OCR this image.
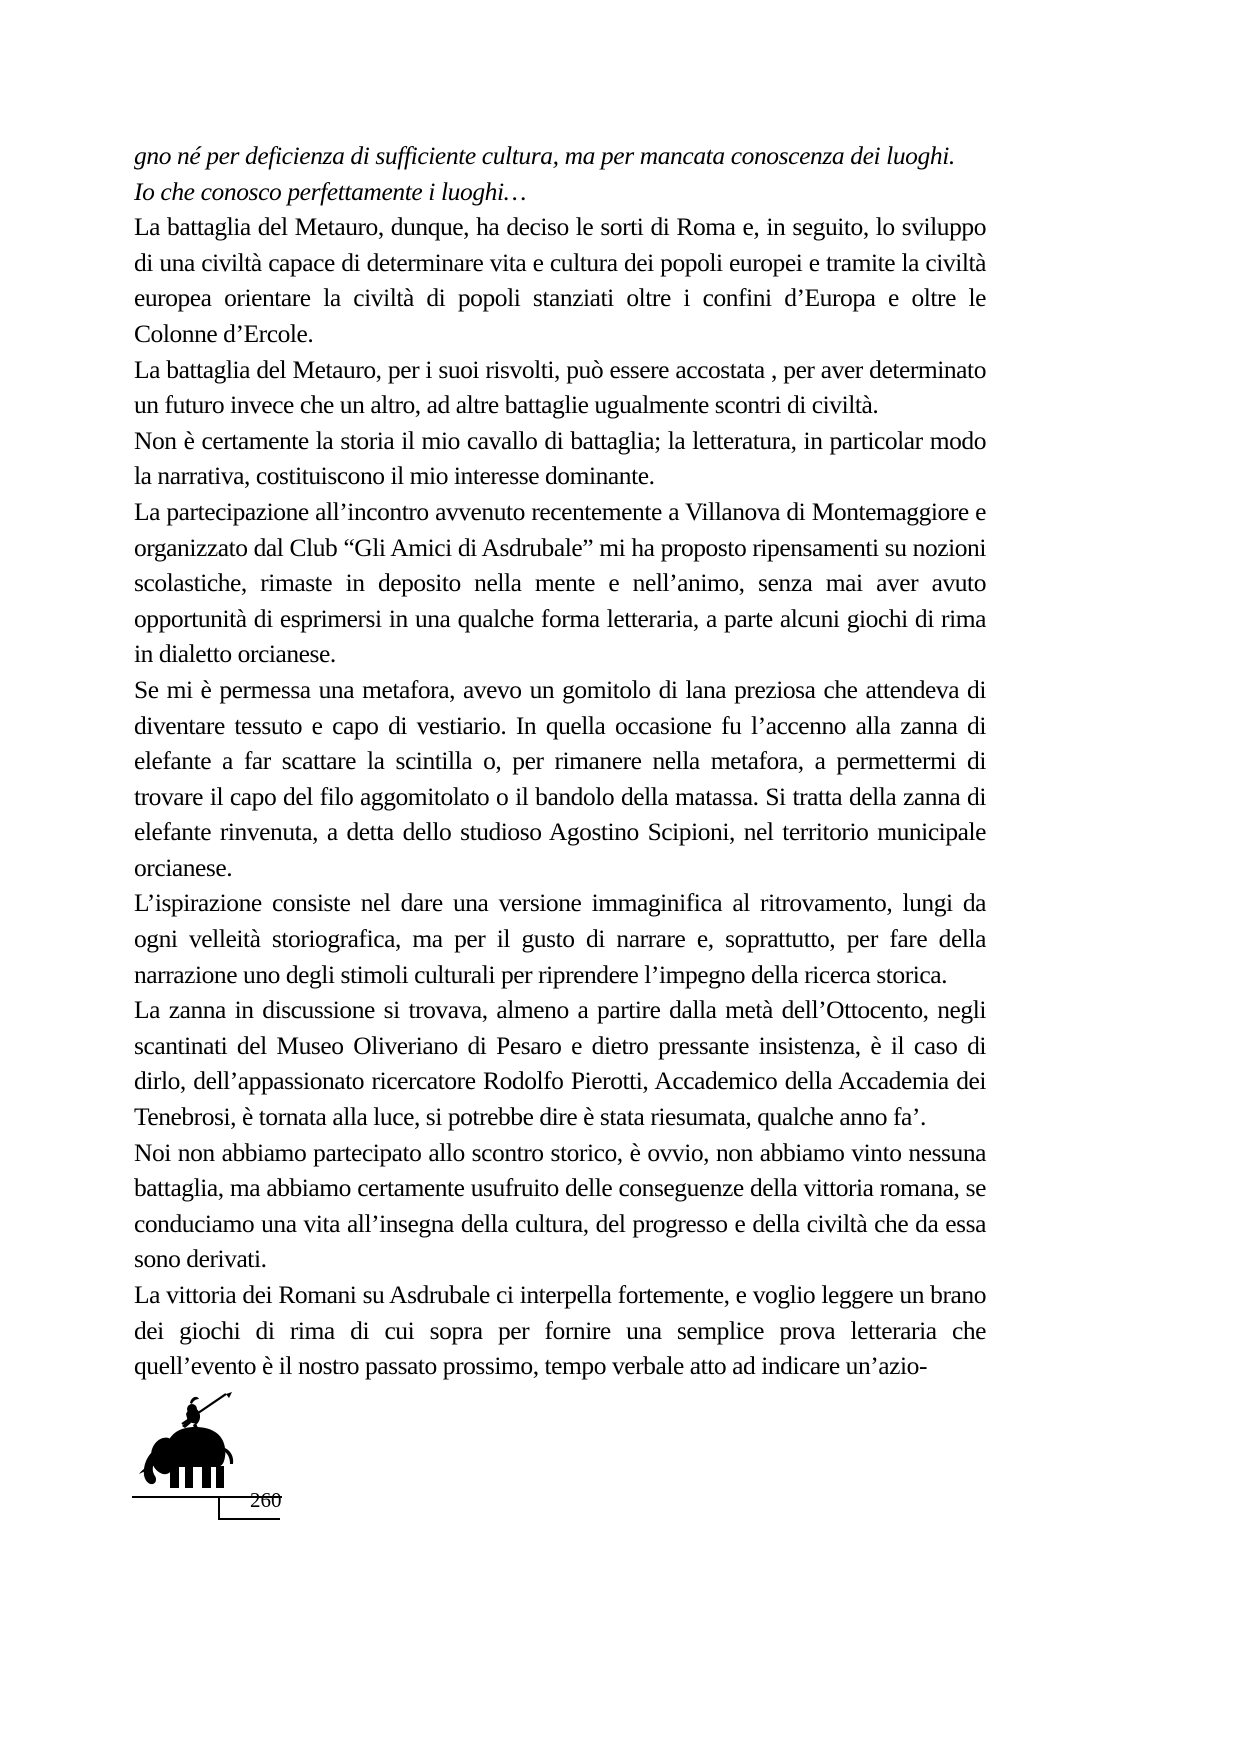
gno né per deficienza di sufficiente cultura, ma per mancata conoscenza dei luoghi.

Io che conosco perfettamente i luoghi…

La battaglia del Metauro, dunque, ha deciso le sorti di Roma e, in seguito, lo sviluppo di una civiltà capace di determinare vita e cultura dei popoli europei e tramite la civiltà europea orientare la civiltà di popoli stanziati oltre i confini d’Europa e oltre le Colonne d’Ercole.

La battaglia del Metauro, per i suoi risvolti, può essere accostata , per aver determinato un futuro invece che un altro, ad altre battaglie ugualmente scontri di civiltà.

Non è certamente la storia il mio cavallo di battaglia; la letteratura, in particolar modo la narrativa, costituiscono il mio interesse dominante.

La partecipazione all’incontro avvenuto recentemente a Villanova di Montemaggiore e organizzato dal Club “Gli Amici di Asdrubale” mi ha proposto ripensamenti su nozioni scolastiche, rimaste in deposito nella mente e nell’animo, senza mai aver avuto opportunità di esprimersi in una qualche forma letteraria, a parte alcuni giochi di rima in dialetto orcianese.

Se mi è permessa una metafora, avevo un gomitolo di lana preziosa che attendeva di diventare tessuto e capo di vestiario. In quella occasione fu l’accenno alla zanna di elefante a far scattare la scintilla o, per rimanere nella metafora, a permettermi di trovare il capo del filo aggomitolato o il bandolo della matassa. Si tratta della zanna di elefante rinvenuta, a detta dello studioso Agostino Scipioni, nel territorio municipale orcianese.

L’ispirazione consiste nel dare una versione immaginifica al ritrovamento, lungi da ogni velleità storiografica, ma per il gusto di narrare e, soprattutto, per fare della narrazione uno degli stimoli culturali per riprendere l’impegno della ricerca storica.

La zanna in discussione si trovava, almeno a partire dalla metà dell’Ottocento, negli scantinati del Museo Oliveriano di Pesaro e dietro pressante insistenza, è il caso di dirlo, dell’appassionato ricercatore Rodolfo Pierotti, Accademico della Accademia dei Tenebrosi, è tornata alla luce, si potrebbe dire è stata riesumata, qualche anno fa’.

Noi non abbiamo partecipato allo scontro storico, è ovvio, non abbiamo vinto nessuna battaglia, ma abbiamo certamente usufruito delle conseguenze della vittoria romana, se conduciamo una vita all’insegna della cultura, del progresso e della civiltà che da essa sono derivati.

La vittoria dei Romani su Asdrubale ci interpella fortemente, e voglio leggere un brano dei giochi di rima di cui sopra per fornire una semplice prova letteraria che quell’evento è il nostro passato prossimo, tempo verbale atto ad indicare un’azio-

260
